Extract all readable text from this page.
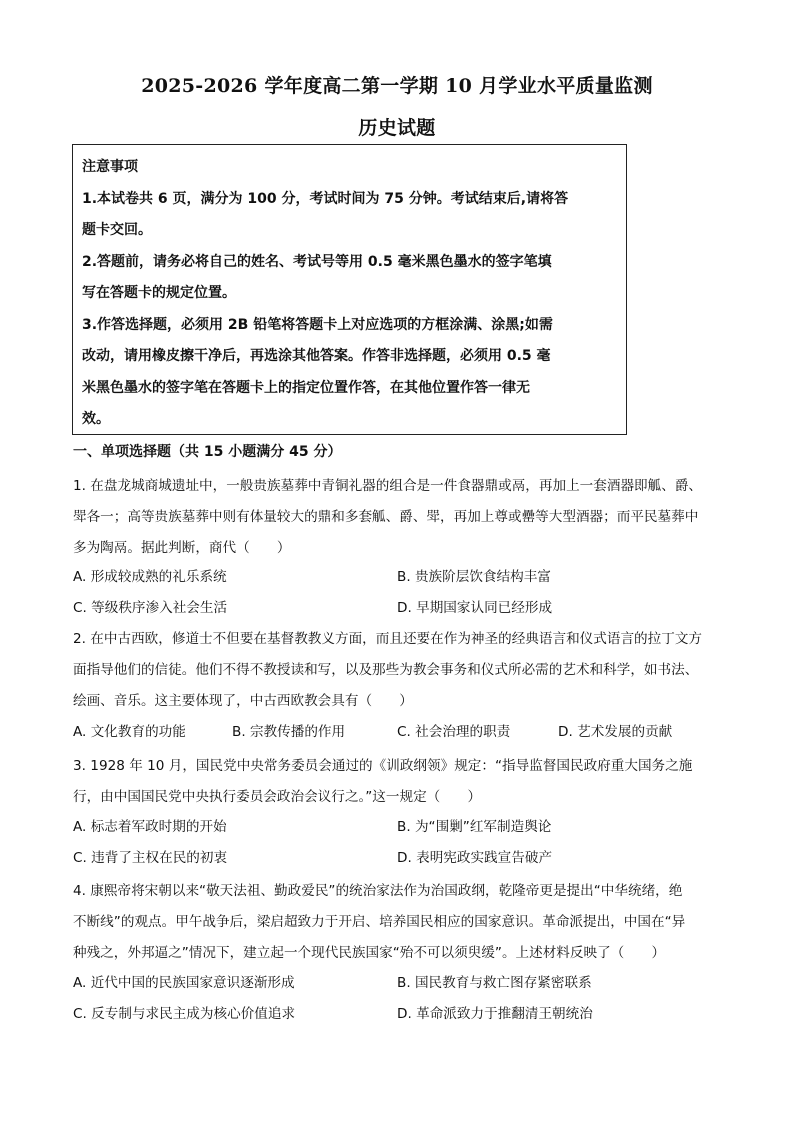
2025-2026 学年度高二第一学期 10 月学业水平质量监测
历史试题
注意事项
1.本试卷共 6 页，满分为 100 分，考试时间为 75 分钟。考试结束后,请将答
题卡交回。
2.答题前，请务必将自己的姓名、考试号等用 0.5 毫米黑色墨水的签字笔填
写在答题卡的规定位置。
3.作答选择题，必须用 2B 铅笔将答题卡上对应选项的方框涂满、涂黑;如需
改动，请用橡皮擦干净后，再选涂其他答案。作答非选择题，必须用 0.5 毫
米黑色墨水的签字笔在答题卡上的指定位置作答，在其他位置作答一律无
效。
一、单项选择题（共 15 小题满分 45 分）
1. 在盘龙城商城遗址中，一般贵族墓葬中青铜礼器的组合是一件食器鼎或鬲，再加上一套酒器即觚、爵、
斝各一；高等贵族墓葬中则有体量较大的鼎和多套觚、爵、斝，再加上尊或罍等大型酒器；而平民墓葬中
多为陶鬲。据此判断，商代（　　）
A. 形成较成熟的礼乐系统	B. 贵族阶层饮食结构丰富
C. 等级秩序渗入社会生活	D. 早期国家认同已经形成
2. 在中古西欧，修道士不但要在基督教教义方面，而且还要在作为神圣的经典语言和仪式语言的拉丁文方
面指导他们的信徒。他们不得不教授读和写，以及那些为教会事务和仪式所必需的艺术和科学，如书法、
绘画、音乐。这主要体现了，中古西欧教会具有（　　）
A. 文化教育的功能	B. 宗教传播的作用	C. 社会治理的职责	D. 艺术发展的贡献
3. 1928 年 10 月，国民党中央常务委员会通过的《训政纲领》规定：“指导监督国民政府重大国务之施
行，由中国国民党中央执行委员会政治会议行之。”这一规定（　　）
A. 标志着军政时期的开始	B. 为“围剿”红军制造舆论
C. 违背了主权在民的初衷	D. 表明宪政实践宣告破产
4. 康熙帝将宋朝以来“敬天法祖、勤政爱民”的统治家法作为治国政纲，乾隆帝更是提出“中华统绪，绝
不断线”的观点。甲午战争后，梁启超致力于开启、培养国民相应的国家意识。革命派提出，中国在“异
种残之，外邦逼之”情况下，建立起一个现代民族国家“殆不可以须臾缓”。上述材料反映了（　　）
A. 近代中国的民族国家意识逐渐形成	B. 国民教育与救亡图存紧密联系
C. 反专制与求民主成为核心价值追求	D. 革命派致力于推翻清王朝统治
